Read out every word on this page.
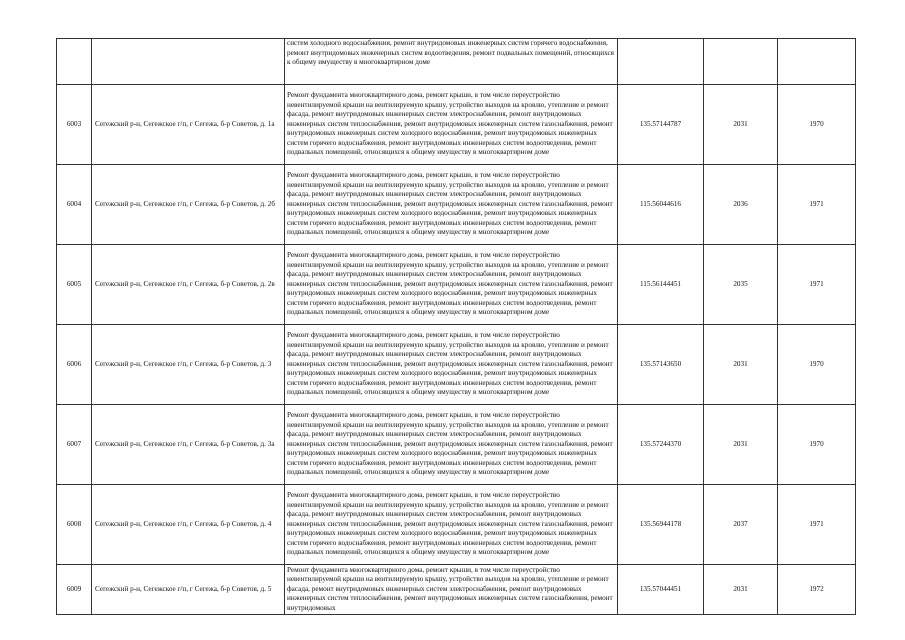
		систем холодного водоснабжения, ремонт внутридомовых инженерных систем горячего водоснабжения, ремонт внутридомовых инженерных систем водоотведения, ремонт подвальных помещений, относящихся к общему имуществу в многоквартирном доме			

6003	Сегежский р-н, Сегежское г/п, г Сегежа, б-р Советов, д. 1а	Ремонт фундамента многоквартирного дома, ремонт крыши, в том числе переустройство невентилируемой крыши на вентилируемую крышу, устройство выходов на кровлю, утепление и ремонт фасада, ремонт внутридомовых инженерных систем электроснабжения, ремонт внутридомовых инженерных систем теплоснабжения, ремонт внутридомовых инженерных систем газоснабжения, ремонт внутридомовых инженерных систем холодного водоснабжения, ремонт внутридомовых инженерных систем горячего водоснабжения, ремонт внутридомовых инженерных систем водоотведения, ремонт подвальных помещений, относящихся к общему имуществу в многоквартирном доме	135.57144787	2031	1970
6004	Сегежский р-н, Сегежское г/п, г Сегежа, б-р Советов, д. 2б	Ремонт фундамента многоквартирного дома, ремонт крыши, в том числе переустройство невентилируемой крыши на вентилируемую крышу, устройство выходов на кровлю, утепление и ремонт фасада, ремонт внутридомовых инженерных систем электроснабжения, ремонт внутридомовых инженерных систем теплоснабжения, ремонт внутридомовых инженерных систем газоснабжения, ремонт внутридомовых инженерных систем холодного водоснабжения, ремонт внутридомовых инженерных систем горячего водоснабжения, ремонт внутридомовых инженерных систем водоотведения, ремонт подвальных помещений, относящихся к общему имуществу в многоквартирном доме	115.56044616	2036	1971
6005	Сегежский р-н, Сегежское г/п, г Сегежа, б-р Советов, д. 2в	Ремонт фундамента многоквартирного дома, ремонт крыши, в том числе переустройство невентилируемой крыши на вентилируемую крышу, устройство выходов на кровлю, утепление и ремонт фасада, ремонт внутридомовых инженерных систем электроснабжения, ремонт внутридомовых инженерных систем теплоснабжения, ремонт внутридомовых инженерных систем газоснабжения, ремонт внутридомовых инженерных систем холодного водоснабжения, ремонт внутридомовых инженерных систем горячего водоснабжения, ремонт внутридомовых инженерных систем водоотведения, ремонт подвальных помещений, относящихся к общему имуществу в многоквартирном доме	115.56144451	2035	1971
6006	Сегежский р-н, Сегежское г/п, г Сегежа, б-р Советов, д. 3	Ремонт фундамента многоквартирного дома, ремонт крыши, в том числе переустройство невентилируемой крыши на вентилируемую крышу, устройство выходов на кровлю, утепление и ремонт фасада, ремонт внутридомовых инженерных систем электроснабжения, ремонт внутридомовых инженерных систем теплоснабжения, ремонт внутридомовых инженерных систем газоснабжения, ремонт внутридомовых инженерных систем холодного водоснабжения, ремонт внутридомовых инженерных систем горячего водоснабжения, ремонт внутридомовых инженерных систем водоотведения, ремонт подвальных помещений, относящихся к общему имуществу в многоквартирном доме	135.57143650	2031	1970
6007	Сегежский р-н, Сегежское г/п, г Сегежа, б-р Советов, д. 3а	Ремонт фундамента многоквартирного дома, ремонт крыши, в том числе переустройство невентилируемой крыши на вентилируемую крышу, устройство выходов на кровлю, утепление и ремонт фасада, ремонт внутридомовых инженерных систем электроснабжения, ремонт внутридомовых инженерных систем теплоснабжения, ремонт внутридомовых инженерных систем газоснабжения, ремонт внутридомовых инженерных систем холодного водоснабжения, ремонт внутридомовых инженерных систем горячего водоснабжения, ремонт внутридомовых инженерных систем водоотведения, ремонт подвальных помещений, относящихся к общему имуществу в многоквартирном доме	135.57244370	2031	1970
6008	Сегежский р-н, Сегежское г/п, г Сегежа, б-р Советов, д. 4	Ремонт фундамента многоквартирного дома, ремонт крыши, в том числе переустройство невентилируемой крыши на вентилируемую крышу, устройство выходов на кровлю, утепление и ремонт фасада, ремонт внутридомовых инженерных систем электроснабжения, ремонт внутридомовых инженерных систем теплоснабжения, ремонт внутридомовых инженерных систем газоснабжения, ремонт внутридомовых инженерных систем холодного водоснабжения, ремонт внутридомовых инженерных систем горячего водоснабжения, ремонт внутридомовых инженерных систем водоотведения, ремонт подвальных помещений, относящихся к общему имуществу в многоквартирном доме	135.56944178	2037	1971
6009	Сегежский р-н, Сегежское г/п, г Сегежа, б-р Советов, д. 5	Ремонт фундамента многоквартирного дома, ремонт крыши, в том числе переустройство невентилируемой крыши на вентилируемую крышу, устройство выходов на кровлю, утепление и ремонт фасада, ремонт внутридомовых инженерных систем электроснабжения, ремонт внутридомовых инженерных систем теплоснабжения, ремонт внутридомовых инженерных систем газоснабжения, ремонт внутридомовых	135.57044451	2031	1972
